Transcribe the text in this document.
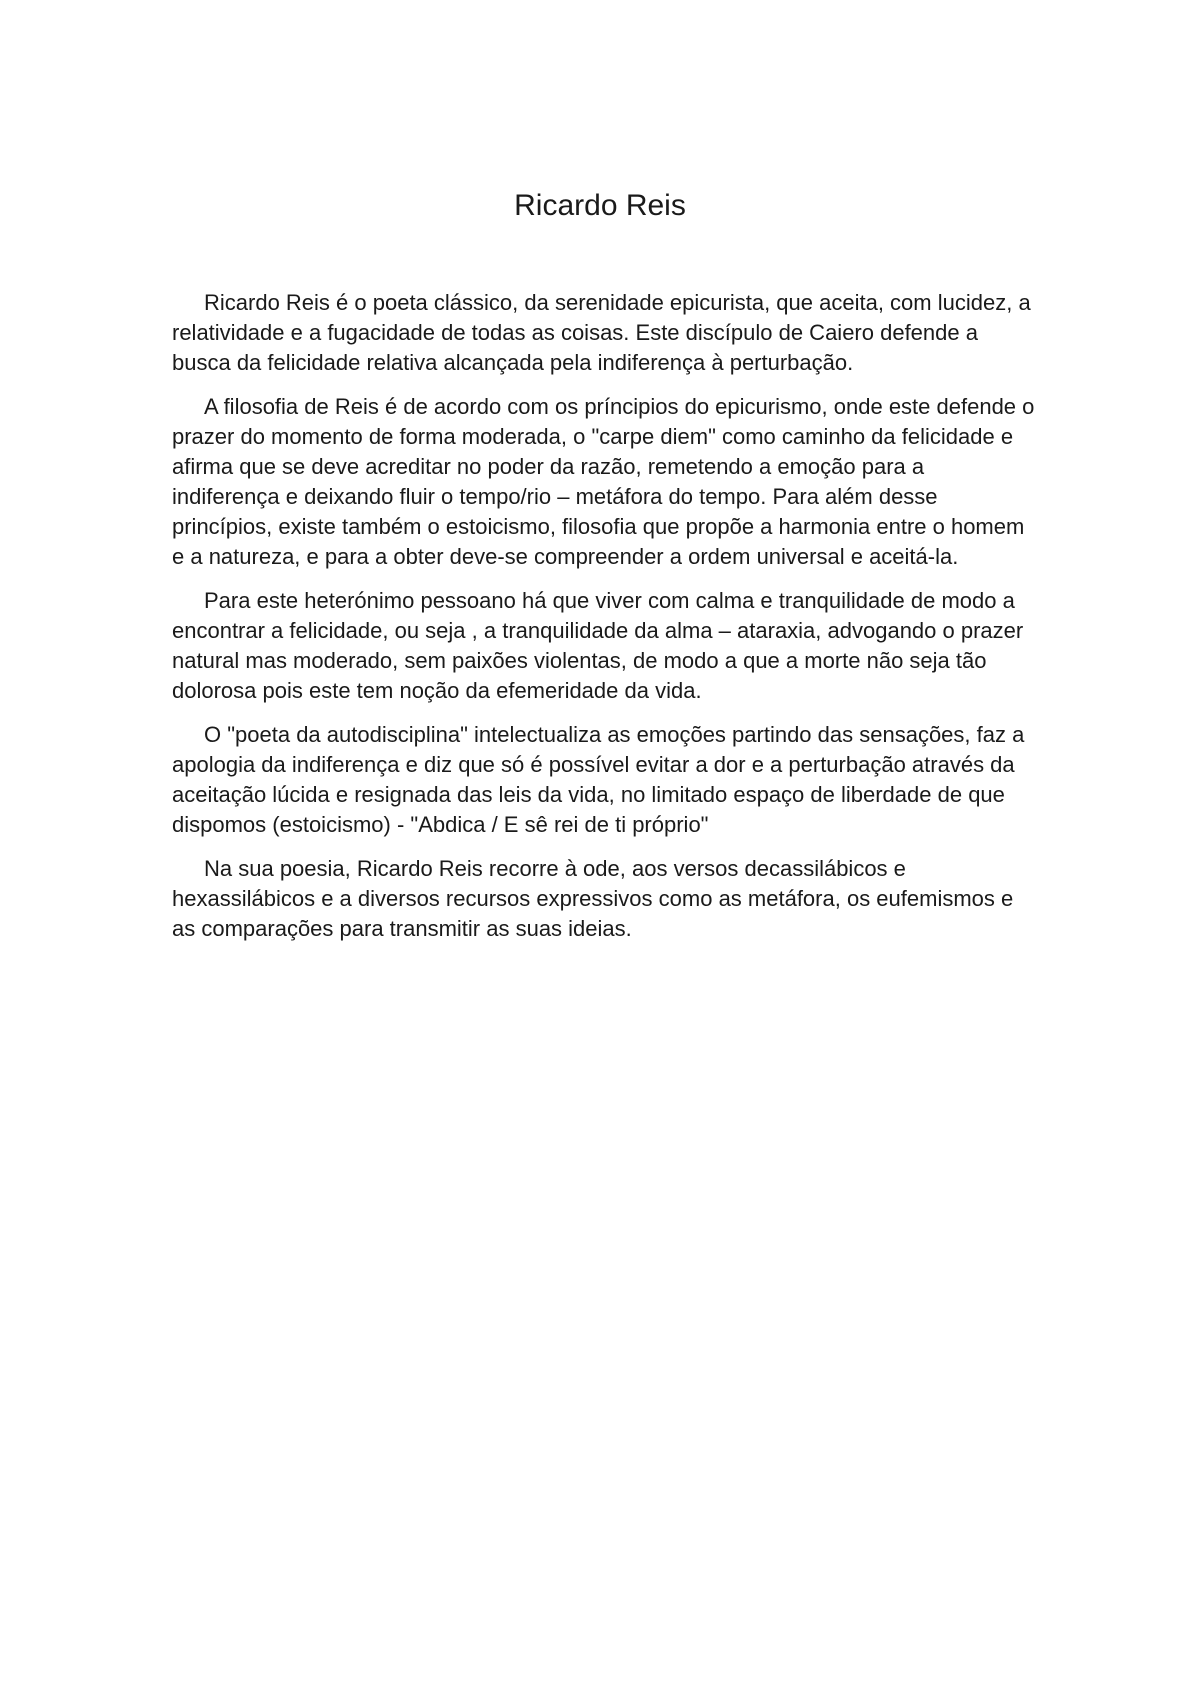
Ricardo Reis

Ricardo Reis é o poeta clássico, da serenidade epicurista, que aceita, com lucidez, a relatividade e a fugacidade de todas as coisas. Este discípulo de Caiero defende a busca da felicidade relativa alcançada pela indiferença à perturbação.

A filosofia de Reis é de acordo com os príncipios do epicurismo, onde este defende o prazer do momento de forma moderada, o "carpe diem" como caminho da felicidade e afirma que se deve acreditar no poder da razão, remetendo a emoção para a indiferença e deixando fluir o tempo/rio – metáfora do tempo. Para além desse princípios, existe também o estoicismo, filosofia que propõe a harmonia entre o homem e a natureza, e para a obter deve-se compreender a ordem universal e aceitá-la.

Para este heterónimo pessoano há que viver com calma e tranquilidade de modo a encontrar a felicidade, ou seja , a tranquilidade da alma – ataraxia, advogando o prazer natural mas moderado, sem paixões violentas, de modo a que a morte não seja tão dolorosa pois este tem noção da efemeridade da vida.

O "poeta da autodisciplina" intelectualiza as emoções partindo das sensações, faz a apologia da indiferença e diz que só é possível evitar a dor e a perturbação através da aceitação lúcida e resignada das leis da vida, no limitado espaço de liberdade de que dispomos (estoicismo) - "Abdica / E sê rei de ti próprio"

Na sua poesia, Ricardo Reis recorre à ode, aos versos decassilábicos e hexassilábicos e a diversos recursos expressivos como as metáfora, os eufemismos e as comparações para transmitir as suas ideias.
